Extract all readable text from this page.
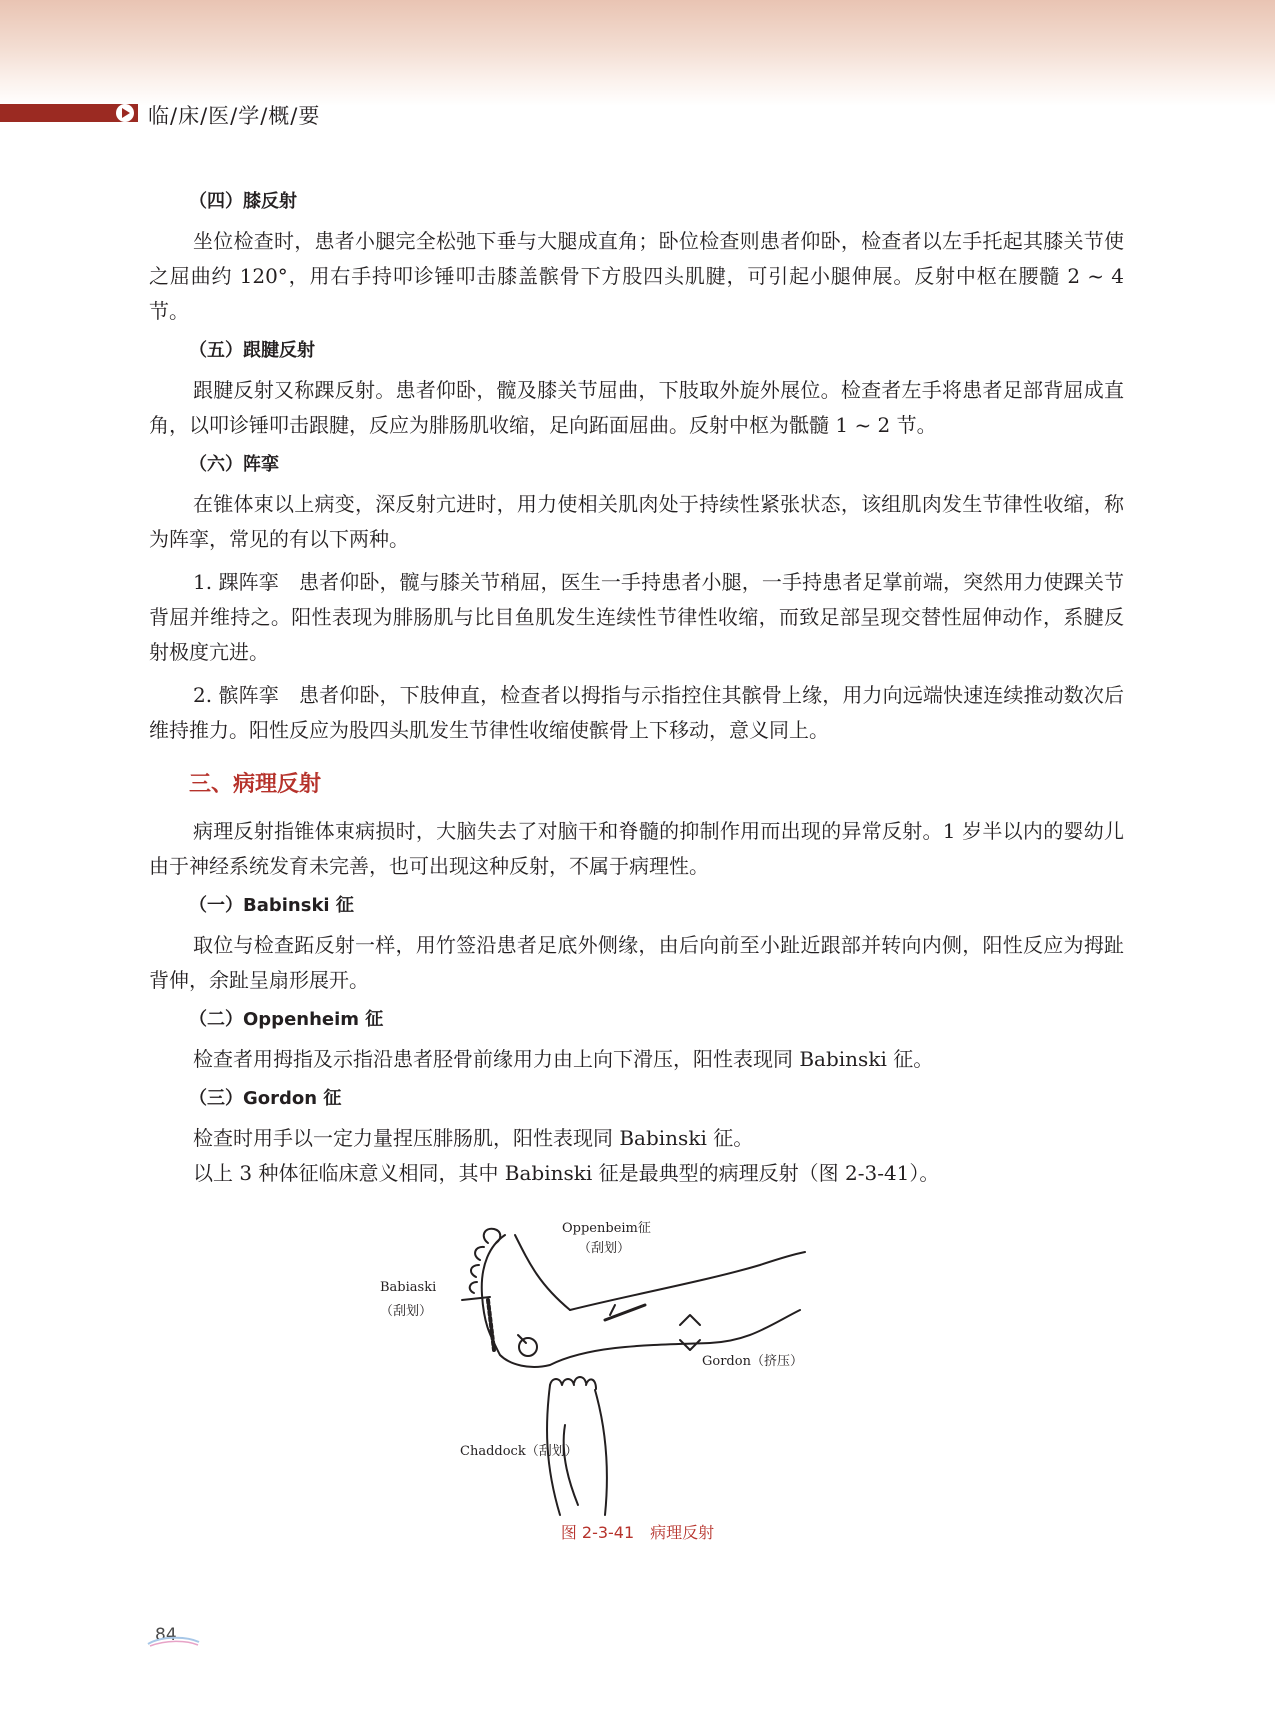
临/床/医/学/概/要
（四）膝反射

坐位检查时，患者小腿完全松弛下垂与大腿成直角；卧位检查则患者仰卧，检查者以左手托起其膝关节使之屈曲约 120°，用右手持叩诊锤叩击膝盖髌骨下方股四头肌腱，可引起小腿伸展。反射中枢在腰髓 2 ~ 4 节。

（五）跟腱反射

跟腱反射又称踝反射。患者仰卧，髋及膝关节屈曲，下肢取外旋外展位。检查者左手将患者足部背屈成直角，以叩诊锤叩击跟腱，反应为腓肠肌收缩，足向跖面屈曲。反射中枢为骶髓 1 ~ 2 节。

（六）阵挛

在锥体束以上病变，深反射亢进时，用力使相关肌肉处于持续性紧张状态，该组肌肉发生节律性收缩，称为阵挛，常见的有以下两种。

1. 踝阵挛　患者仰卧，髋与膝关节稍屈，医生一手持患者小腿，一手持患者足掌前端，突然用力使踝关节背屈并维持之。阳性表现为腓肠肌与比目鱼肌发生连续性节律性收缩，而致足部呈现交替性屈伸动作，系腱反射极度亢进。

2. 髌阵挛　患者仰卧，下肢伸直，检查者以拇指与示指控住其髌骨上缘，用力向远端快速连续推动数次后维持推力。阳性反应为股四头肌发生节律性收缩使髌骨上下移动，意义同上。

三、病理反射

病理反射指锥体束病损时，大脑失去了对脑干和脊髓的抑制作用而出现的异常反射。1 岁半以内的婴幼儿由于神经系统发育未完善，也可出现这种反射，不属于病理性。

（一）Babinski 征

取位与检查跖反射一样，用竹签沿患者足底外侧缘，由后向前至小趾近跟部并转向内侧，阳性反应为拇趾背伸，余趾呈扇形展开。

（二）Oppenheim 征

检查者用拇指及示指沿患者胫骨前缘用力由上向下滑压，阳性表现同 Babinski 征。

（三）Gordon 征

检查时用手以一定力量捏压腓肠肌，阳性表现同 Babinski 征。

以上 3 种体征临床意义相同，其中 Babinski 征是最典型的病理反射（图 2-3-41）。

Oppenbeim征
（刮划）
Babiaski
（刮划）
Gordon（挤压）
Chaddock（刮划）
图 2-3-41　病理反射
84
